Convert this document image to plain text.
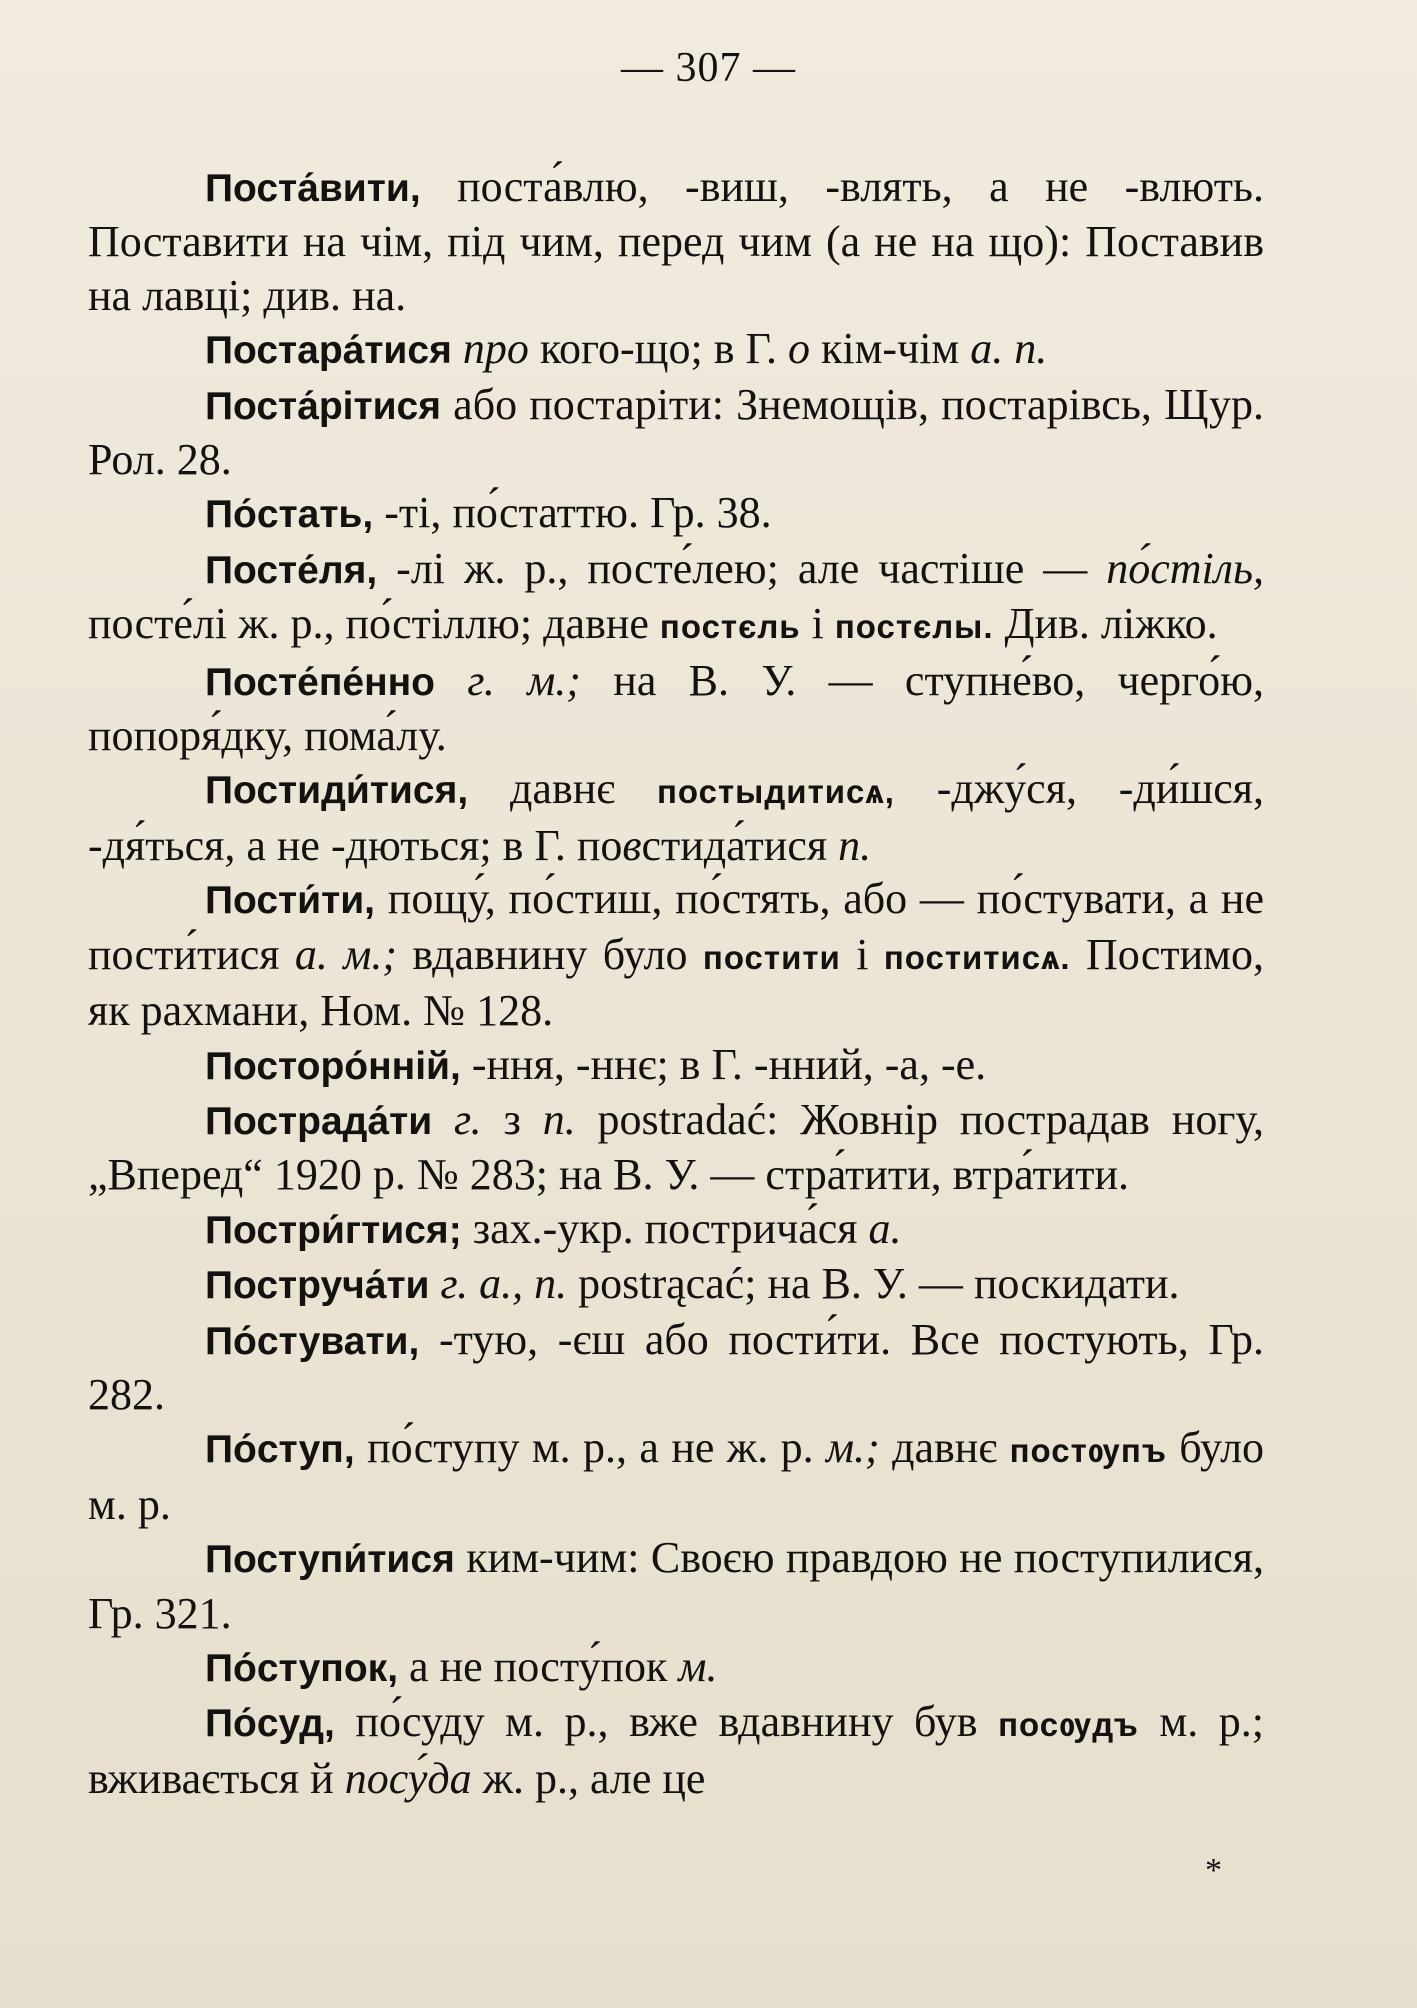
— 307 —

Поста́вити, поста́влю, -виш, -влять, а не -влють. Поставити на чім, під чим, перед чим (а не на що): Поставив на лавці; див. на.

Постара́тися про кого-що; в Г. о кім-чім а. п.

Поста́рітися або постаріти: Знемощів, постарівсь, Щур. Рол. 28.

По́стать, -ті, по́статтю. Гр. 38.

Посте́ля, -лі ж. р., посте́лею; але частіше — по́стіль, посте́лі ж. р., по́стіллю; давне постєль і постєлы. Див. ліжко.

Посте́пе́нно г. м.; на В. У. — ступне́во, черго́ю, попоря́дку, пома́лу.

Постиди́тися, давнє постыдитисѧ, -джу́ся, -ди́шся, -дя́ться, а не -дються; в Г. повстида́тися п.

Пости́ти, пощу́, по́стиш, по́стять, або — по́стувати, а не пости́тися а. м.; вдавнину було постити і поститисѧ. Постимо, як рахмани, Ном. № 128.

Посторо́нній, -ння, -ннє; в Г. -нний, -а, -е.

Пострада́ти г. з п. postradać: Жовнір пострадав ногу, „Вперед“ 1920 р. № 283; на В. У. — стра́тити, втра́тити.

Постри́гтися; зах.-укр. пострича́ся а.

Поструча́ти г. а., п. postrącać; на В. У. — поскидати.

По́стувати, -тую, -єш або пости́ти. Все постують, Гр. 282.

По́ступ, по́ступу м. р., а не ж. р. м.; давнє постѹпъ було м. р.

Поступи́тися ким-чим: Своєю правдою не поступилися, Гр. 321.

По́ступок, а не посту́пок м.

По́суд, по́суду м. р., вже вдавнину був посѹдъ м. р.; вживається й посу́да ж. р., але це

*
